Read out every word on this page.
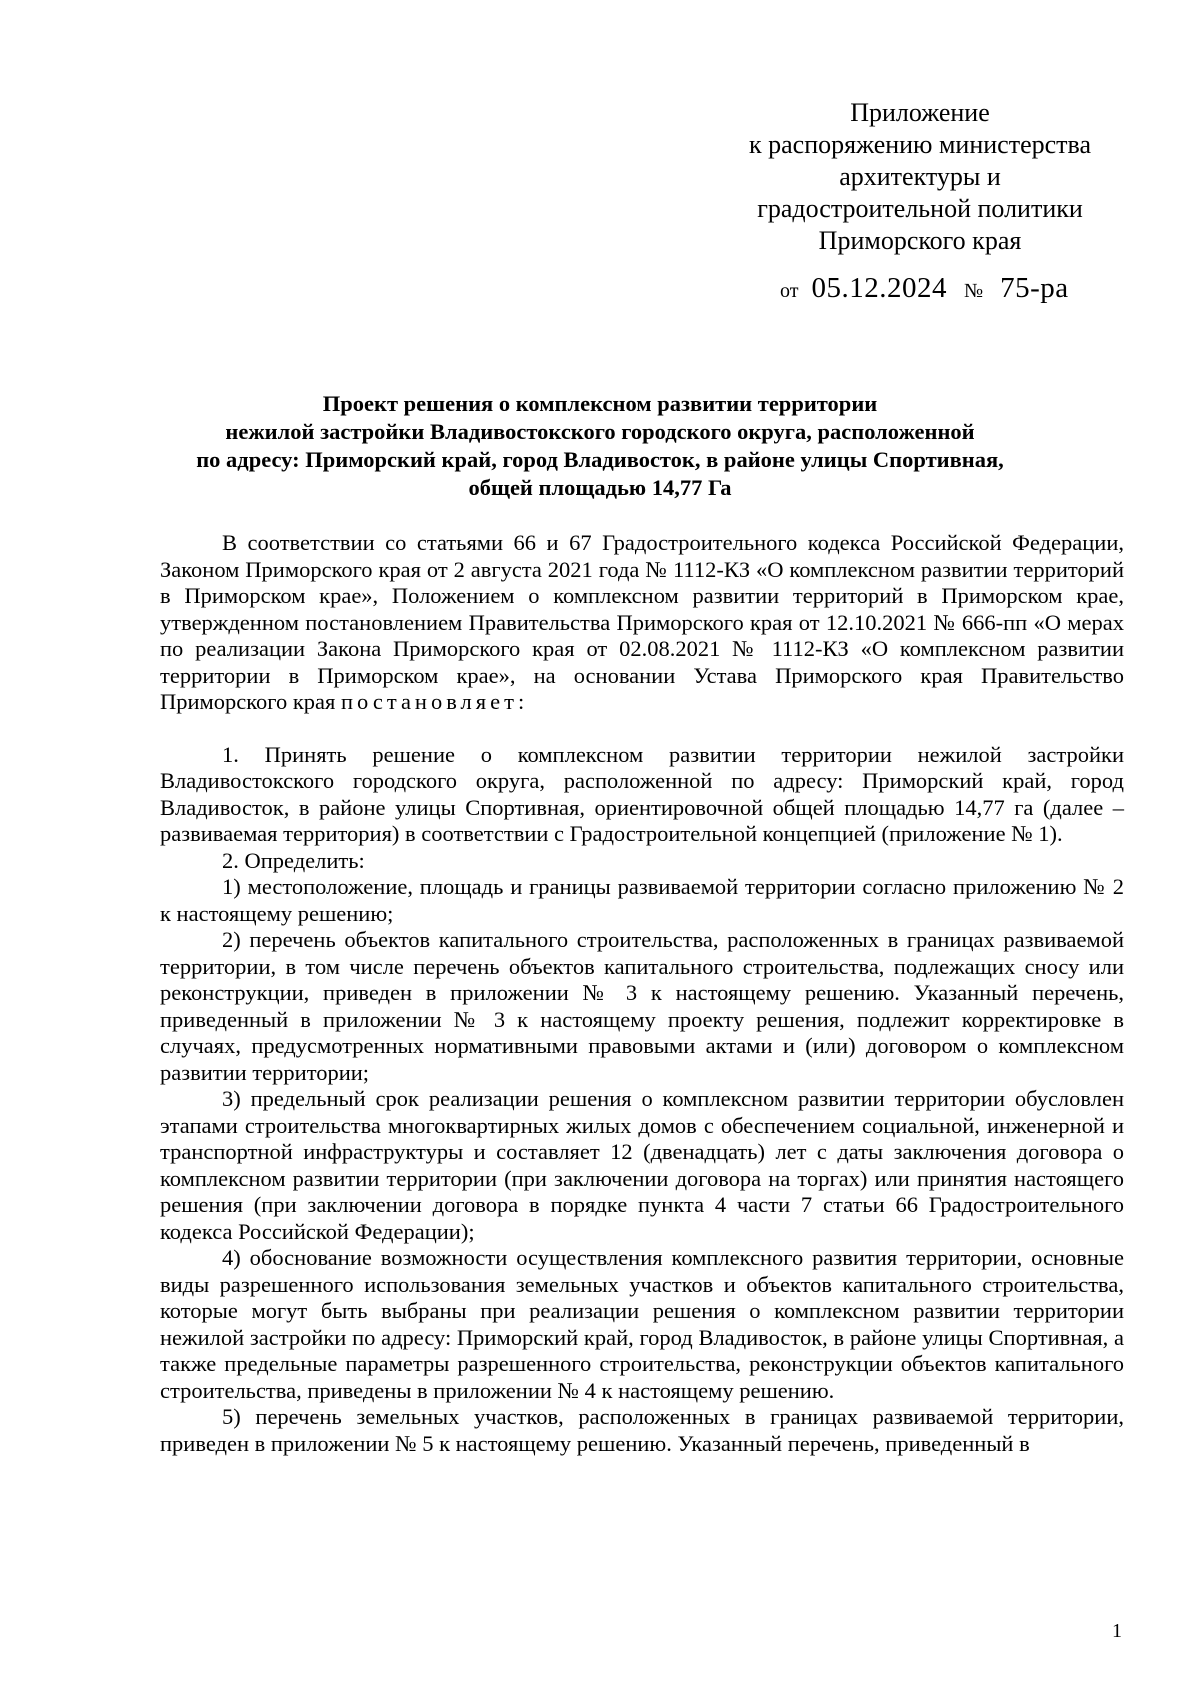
Приложение
к распоряжению министерства
архитектуры и
градостроительной политики
Приморского края
от 05.12.2024 № 75-ра
Проект решения о комплексном развитии территории
нежилой застройки Владивостокского городского округа, расположенной
по адресу: Приморский край, город Владивосток, в районе улицы Спортивная,
общей площадью 14,77 Га

В соответствии со статьями 66 и 67 Градостроительного кодекса Российской Федерации, Законом Приморского края от 2 августа 2021 года № 1112-КЗ «О комплексном развитии территорий в Приморском крае», Положением о комплексном развитии территорий в Приморском крае, утвержденном постановлением Правительства Приморского края от 12.10.2021 № 666-пп «О мерах по реализации Закона Приморского края от 02.08.2021 № 1112-КЗ «О комплексном развитии территории в Приморском крае», на основании Устава Приморского края Правительство Приморского края постановляет:

1. Принять решение о комплексном развитии территории нежилой застройки Владивостокского городского округа, расположенной по адресу: Приморский край, город Владивосток, в районе улицы Спортивная, ориентировочной общей площадью 14,77 га (далее – развиваемая территория) в соответствии с Градостроительной концепцией (приложение № 1).

2. Определить:

1) местоположение, площадь и границы развиваемой территории согласно приложению № 2 к настоящему решению;

2) перечень объектов капитального строительства, расположенных в границах развиваемой территории, в том числе перечень объектов капитального строительства, подлежащих сносу или реконструкции, приведен в приложении № 3 к настоящему решению. Указанный перечень, приведенный в приложении № 3 к настоящему проекту решения, подлежит корректировке в случаях, предусмотренных нормативными правовыми актами и (или) договором о комплексном развитии территории;

3) предельный срок реализации решения о комплексном развитии территории обусловлен этапами строительства многоквартирных жилых домов с обеспечением социальной, инженерной и транспортной инфраструктуры и составляет 12 (двенадцать) лет с даты заключения договора о комплексном развитии территории (при заключении договора на торгах) или принятия настоящего решения (при заключении договора в порядке пункта 4 части 7 статьи 66 Градостроительного кодекса Российской Федерации);

4) обоснование возможности осуществления комплексного развития территории, основные виды разрешенного использования земельных участков и объектов капитального строительства, которые могут быть выбраны при реализации решения о комплексном развитии территории нежилой застройки по адресу: Приморский край, город Владивосток, в районе улицы Спортивная, а также предельные параметры разрешенного строительства, реконструкции объектов капитального строительства, приведены в приложении № 4 к настоящему решению.

5) перечень земельных участков, расположенных в границах развиваемой территории, приведен в приложении № 5 к настоящему решению. Указанный перечень, приведенный в

1
